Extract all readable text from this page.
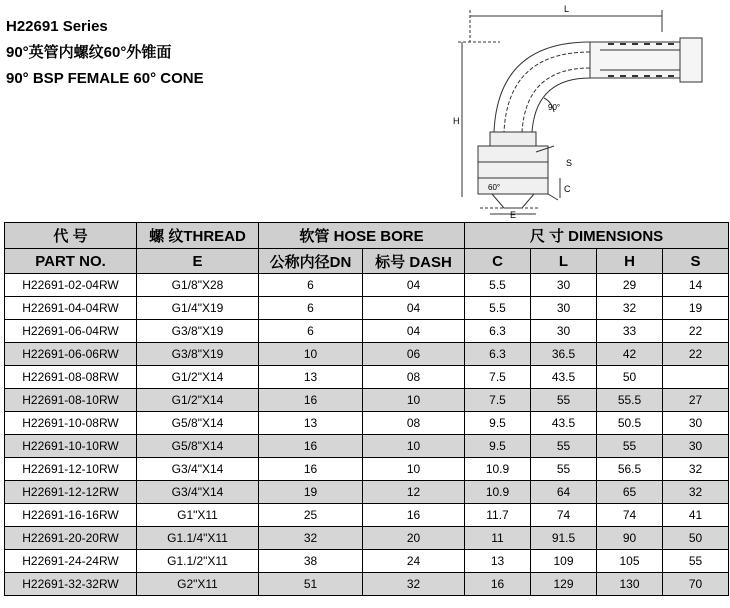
H22691 Series
90°英管内螺纹60°外锥面
90° BSP FEMALE 60° CONE
L
H
S
C
E
90°
60°
代 号	螺 纹THREAD	软管 HOSE BORE		尺 寸 DIMENSIONS			
PART NO.	E	公称内径DN	标号 DASH	C	L	H	S
H22691-02-04RW	G1/8"X28	6	04	5.5	30	29	14
H22691-04-04RW	G1/4"X19	6	04	5.5	30	32	19
H22691-06-04RW	G3/8"X19	6	04	6.3	30	33	22
H22691-06-06RW	G3/8"X19	10	06	6.3	36.5	42	22
H22691-08-08RW	G1/2"X14	13	08	7.5	43.5	50	
H22691-08-10RW	G1/2"X14	16	10	7.5	55	55.5	27
H22691-10-08RW	G5/8"X14	13	08	9.5	43.5	50.5	30
H22691-10-10RW	G5/8"X14	16	10	9.5	55	55	30
H22691-12-10RW	G3/4"X14	16	10	10.9	55	56.5	32
H22691-12-12RW	G3/4"X14	19	12	10.9	64	65	32
H22691-16-16RW	G1"X11	25	16	11.7	74	74	41
H22691-20-20RW	G1.1/4"X11	32	20	11	91.5	90	50
H22691-24-24RW	G1.1/2"X11	38	24	13	109	105	55
H22691-32-32RW	G2"X11	51	32	16	129	130	70
